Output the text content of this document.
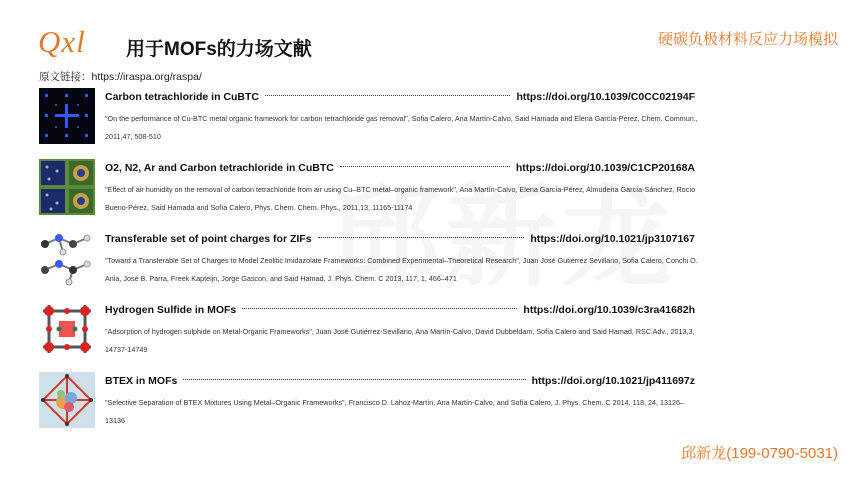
Qxl 用于MOFs的力场文献	硬碳负极材料反应力场模拟
原文链接：https://iraspa.org/raspa/
Carbon tetrachloride in CuBTC	https://doi.org/10.1039/C0CC02194F
"On the performance of Cu-BTC metal organic framework for carbon tetrachloride gas removal", Sofia Calero, Ana Martín-Calvo, Said Hamada and Elena García-Pérez, Chem. Commun., 2011,47, 508-510
O2, N2, Ar and Carbon tetrachloride in CuBTC	https://doi.org/10.1039/C1CP20168A
"Effect of air humidity on the removal of carbon tetrachloride from air using Cu–BTC metal–organic framework", Ana Martín-Calvo, Elena García-Pérez, Almudena García-Sánchez, Rocío Bueno-Pérez, Said Hamada and Sofía Calero, Phys. Chem. Chem. Phys., 2011,13, 11165-11174
Transferable set of point charges for ZIFs	https://doi.org/10.1021/jp3107167
"Toward a Transferable Set of Charges to Model Zeolitic Imidazolate Frameworks: Combined Experimental–Theoretical Research", Juan José Gutiérrez Sevillano, Sofia Calero, Conchi O. Ania, José B. Parra, Freek Kapteijn, Jorge Gascon, and Said Hamad, J. Phys. Chem. C 2013, 117, 1, 466–471
Hydrogen Sulfide in MOFs	https://doi.org/10.1039/c3ra41682h
"Adsorption of hydrogen sulphide on Metal-Organic Frameworks", Juan José Gutiérrez-Sevillano, Ana Martín-Calvo, David Dubbeldam, Sofía Calero and Said Hamad, RSC Adv., 2013,3, 14737-14749
BTEX in MOFs	https://doi.org/10.1021/jp411697z
"Selective Separation of BTEX Mixtures Using Metal–Organic Frameworks", Francisco D. Lahoz-Martín, Ana Martín-Calvo, and Sofía Calero, J. Phys. Chem. C 2014, 118, 24, 13126–13136
邱新龙(199-0790-5031)
